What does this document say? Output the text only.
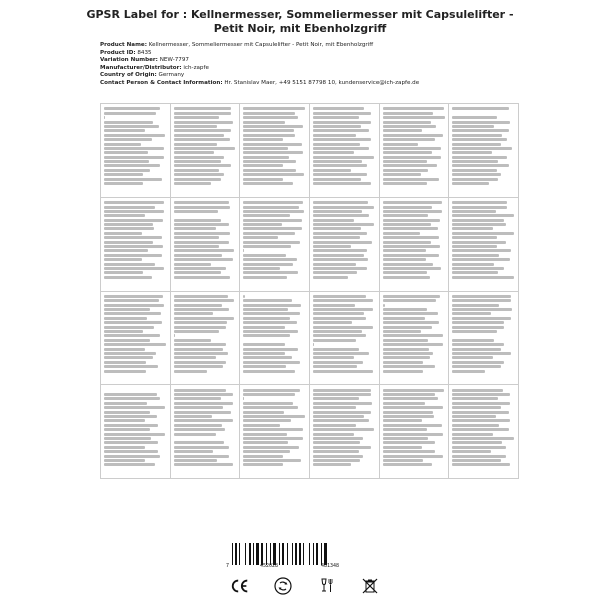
GPSR Label for : Kellnermesser, Sommeliermesser mit Capsulelifter -
Petit Noir, mit Ebenholzgriff
Product Name: Kellnermesser, Sommeliermesser mit Capsulelifter - Petit Noir, mit Ebenholzgriff
Product ID: 8435
Variation Number: NEW-7797
Manufacturer/Distributor: ich-zapfe
Country of Origin: Germany
Contact Person & Contact Information: Hr. Stanislav Maer, +49 5151 87798 10, kundenservice@ich-zapfe.de
7	452028	481348
